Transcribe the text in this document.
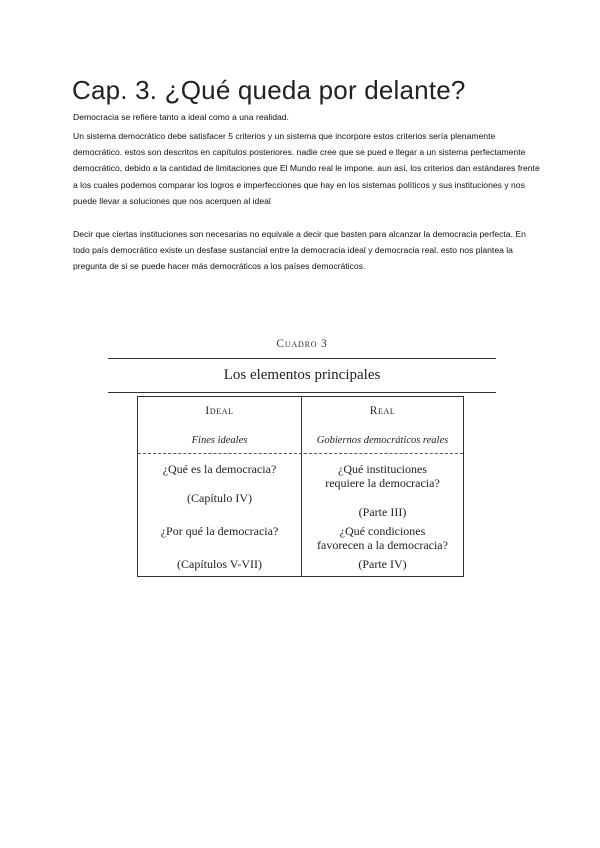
Cap. 3. ¿Qué queda por delante?

Democracia se refiere tanto a ideal como a una realidad.

Un sistema democrático debe satisfacer 5 criterios y un sistema que incorpore estos criterios sería plenamente democrático. estos son descritos en capítulos posteriores. nadie cree que se pued e llegar a un sistema perfectamente democrático, debido a la cantidad de limitaciones que El Mundo real le impone. aun así, los criterios dan estándares frente a los cuales podemos comparar los logros e imperfecciones que hay en los sistemas políticos y sus instituciones y nos puede llevar a soluciones que nos acerquen al ideal

Decir que ciertas instituciones son necesarias no equivale a decir que basten para alcanzar la democracia perfecta. En todo país democrático existe un desfase sustancial entre la democracia ideal y democracia real. esto nos plantea la pregunta de si se puede hacer más democráticos a los países democráticos.

Cuadro 3
Los elementos principales
Ideal	Real
Fines ideales	Gobiernos democráticos reales
¿Qué es la democracia?
(Capítulo IV)
¿Por qué la democracia?
(Capítulos V-VII)
¿Qué instituciones requiere la democracia?
(Parte III)
¿Qué condiciones favorecen a la democracia?
(Parte IV)
